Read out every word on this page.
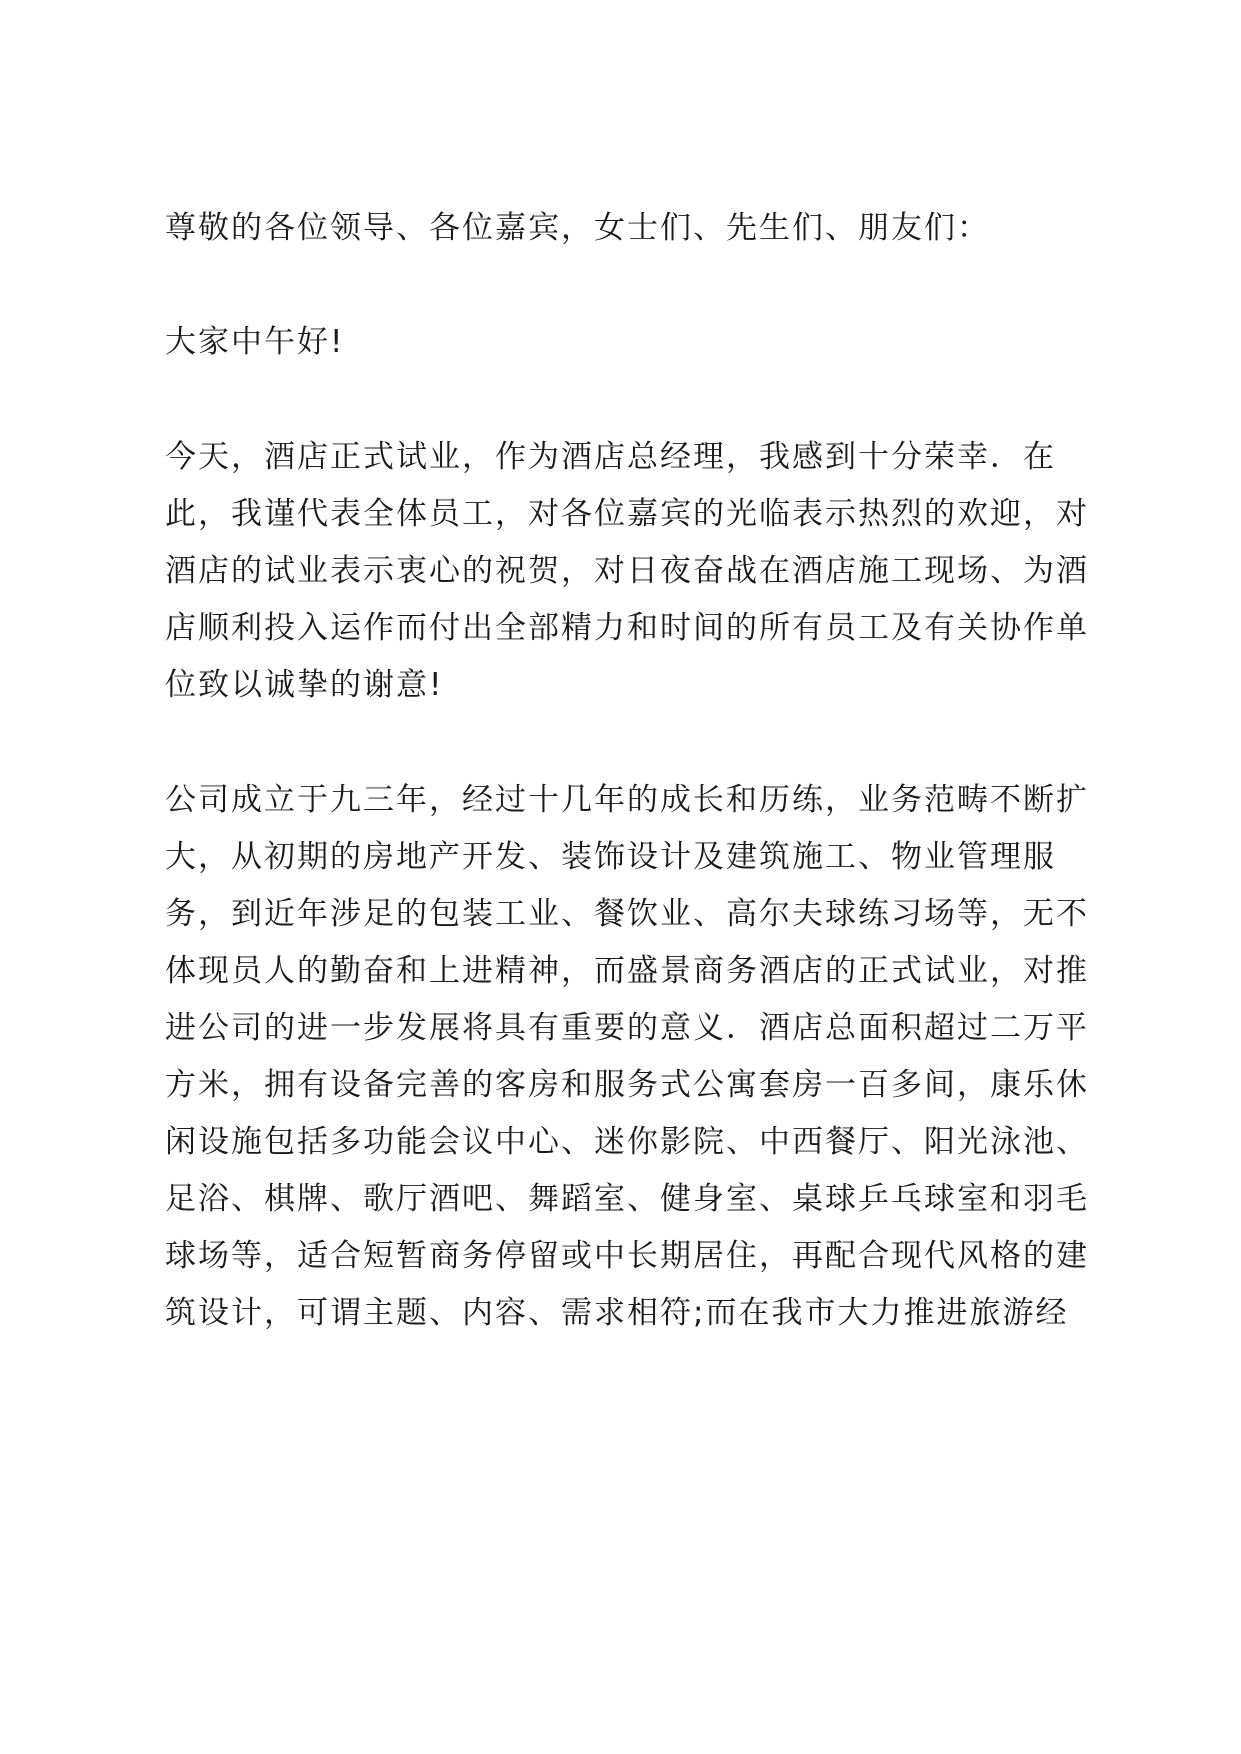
尊敬的各位领导、各位嘉宾，女士们、先生们、朋友们：
大家中午好!
今天，酒店正式试业，作为酒店总经理，我感到十分荣幸．在
此，我谨代表全体员工，对各位嘉宾的光临表示热烈的欢迎，对
酒店的试业表示衷心的祝贺，对日夜奋战在酒店施工现场、为酒
店顺利投入运作而付出全部精力和时间的所有员工及有关协作单
位致以诚挚的谢意!
公司成立于九三年，经过十几年的成长和历练，业务范畴不断扩
大，从初期的房地产开发、装饰设计及建筑施工、物业管理服
务，到近年涉足的包装工业、餐饮业、高尔夫球练习场等，无不
体现员人的勤奋和上进精神，而盛景商务酒店的正式试业，对推
进公司的进一步发展将具有重要的意义．酒店总面积超过二万平
方米，拥有设备完善的客房和服务式公寓套房一百多间，康乐休
闲设施包括多功能会议中心、迷你影院、中西餐厅、阳光泳池、
足浴、棋牌、歌厅酒吧、舞蹈室、健身室、桌球乒乓球室和羽毛
球场等，适合短暂商务停留或中长期居住，再配合现代风格的建
筑设计，可谓主题、内容、需求相符;而在我市大力推进旅游经
